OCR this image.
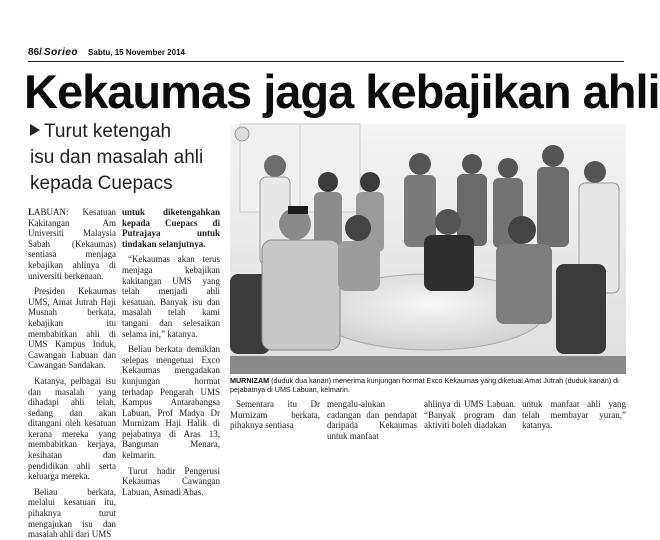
86/ Sorieo Sabtu, 15 November 2014
Kekaumas jaga kebajikan ahli
Turut ketengah
isu dan masalah ahli
kepada Cuepacs

LABUAN: Kesatuan Kakitangan Am Universiti Malaysia Sabah (Kekaumas) sentiasa menjaga kebajikan ahlinya di universiti berkenaan.

Presiden Kekaumas UMS, Amat Jutrah Haji Musnah berkata, kebajikan itu membabitkan ahli di UMS Kampus Induk, Cawangan Labuan dan Cawangan Sandakan.

Katanya, pelbagai isu dan masalah yang dihadapi ahli telah, sedang dan akan ditangani oleh kesatuan kerana mereka yang membabitkan kerjaya, kesihatan dan pendidikan ahli serta keluarga mereka.

Beliau berkata, melalui kesatuan itu, pihaknya turut mengajukan isu dan masalah ahli dari UMS

untuk diketengahkan kepada Cuepacs di Putrajaya untuk tindakan selanjutnya.

“Kekaumas akan terus menjaga kebajikan kakitangan UMS yang telah menjadi ahli kesatuan. Banyak isu dan masalah telah kami tangani dan selesaikan selama ini,” katanya.

Beliau berkata demikian selepas mengetuai Exco Kekaumas mengadakan kunjungan hormat terhadap Pengarah UMS Kampus Antarabangsa Labuan, Prof Madya Dr Murnizam Haji Halik di pejabatnya di Aras 13, Bangunan Menara, kelmarin.

Turut hadir Pengerusi Kekaumas Cawangan Labuan, Asmadi Abas.

MURNIZAM (duduk dua kanan) menerima kunjungan hormat Exco Kekaumas yang diketuai Amat Jutrah (duduk kanan) di pejabatnya di UMS Labuan, kelmarin.

Sementara itu Dr Murnizam berkata, pihaknya sentiasa

mengalu-alukan cadangan dan pendapat daripada Kekaumas untuk manfaat

ahlinya di UMS Labuan. “Banyak program dan aktiviti boleh diadakan

untuk manfaat ahli yang telah membayar yuran,” katanya.
